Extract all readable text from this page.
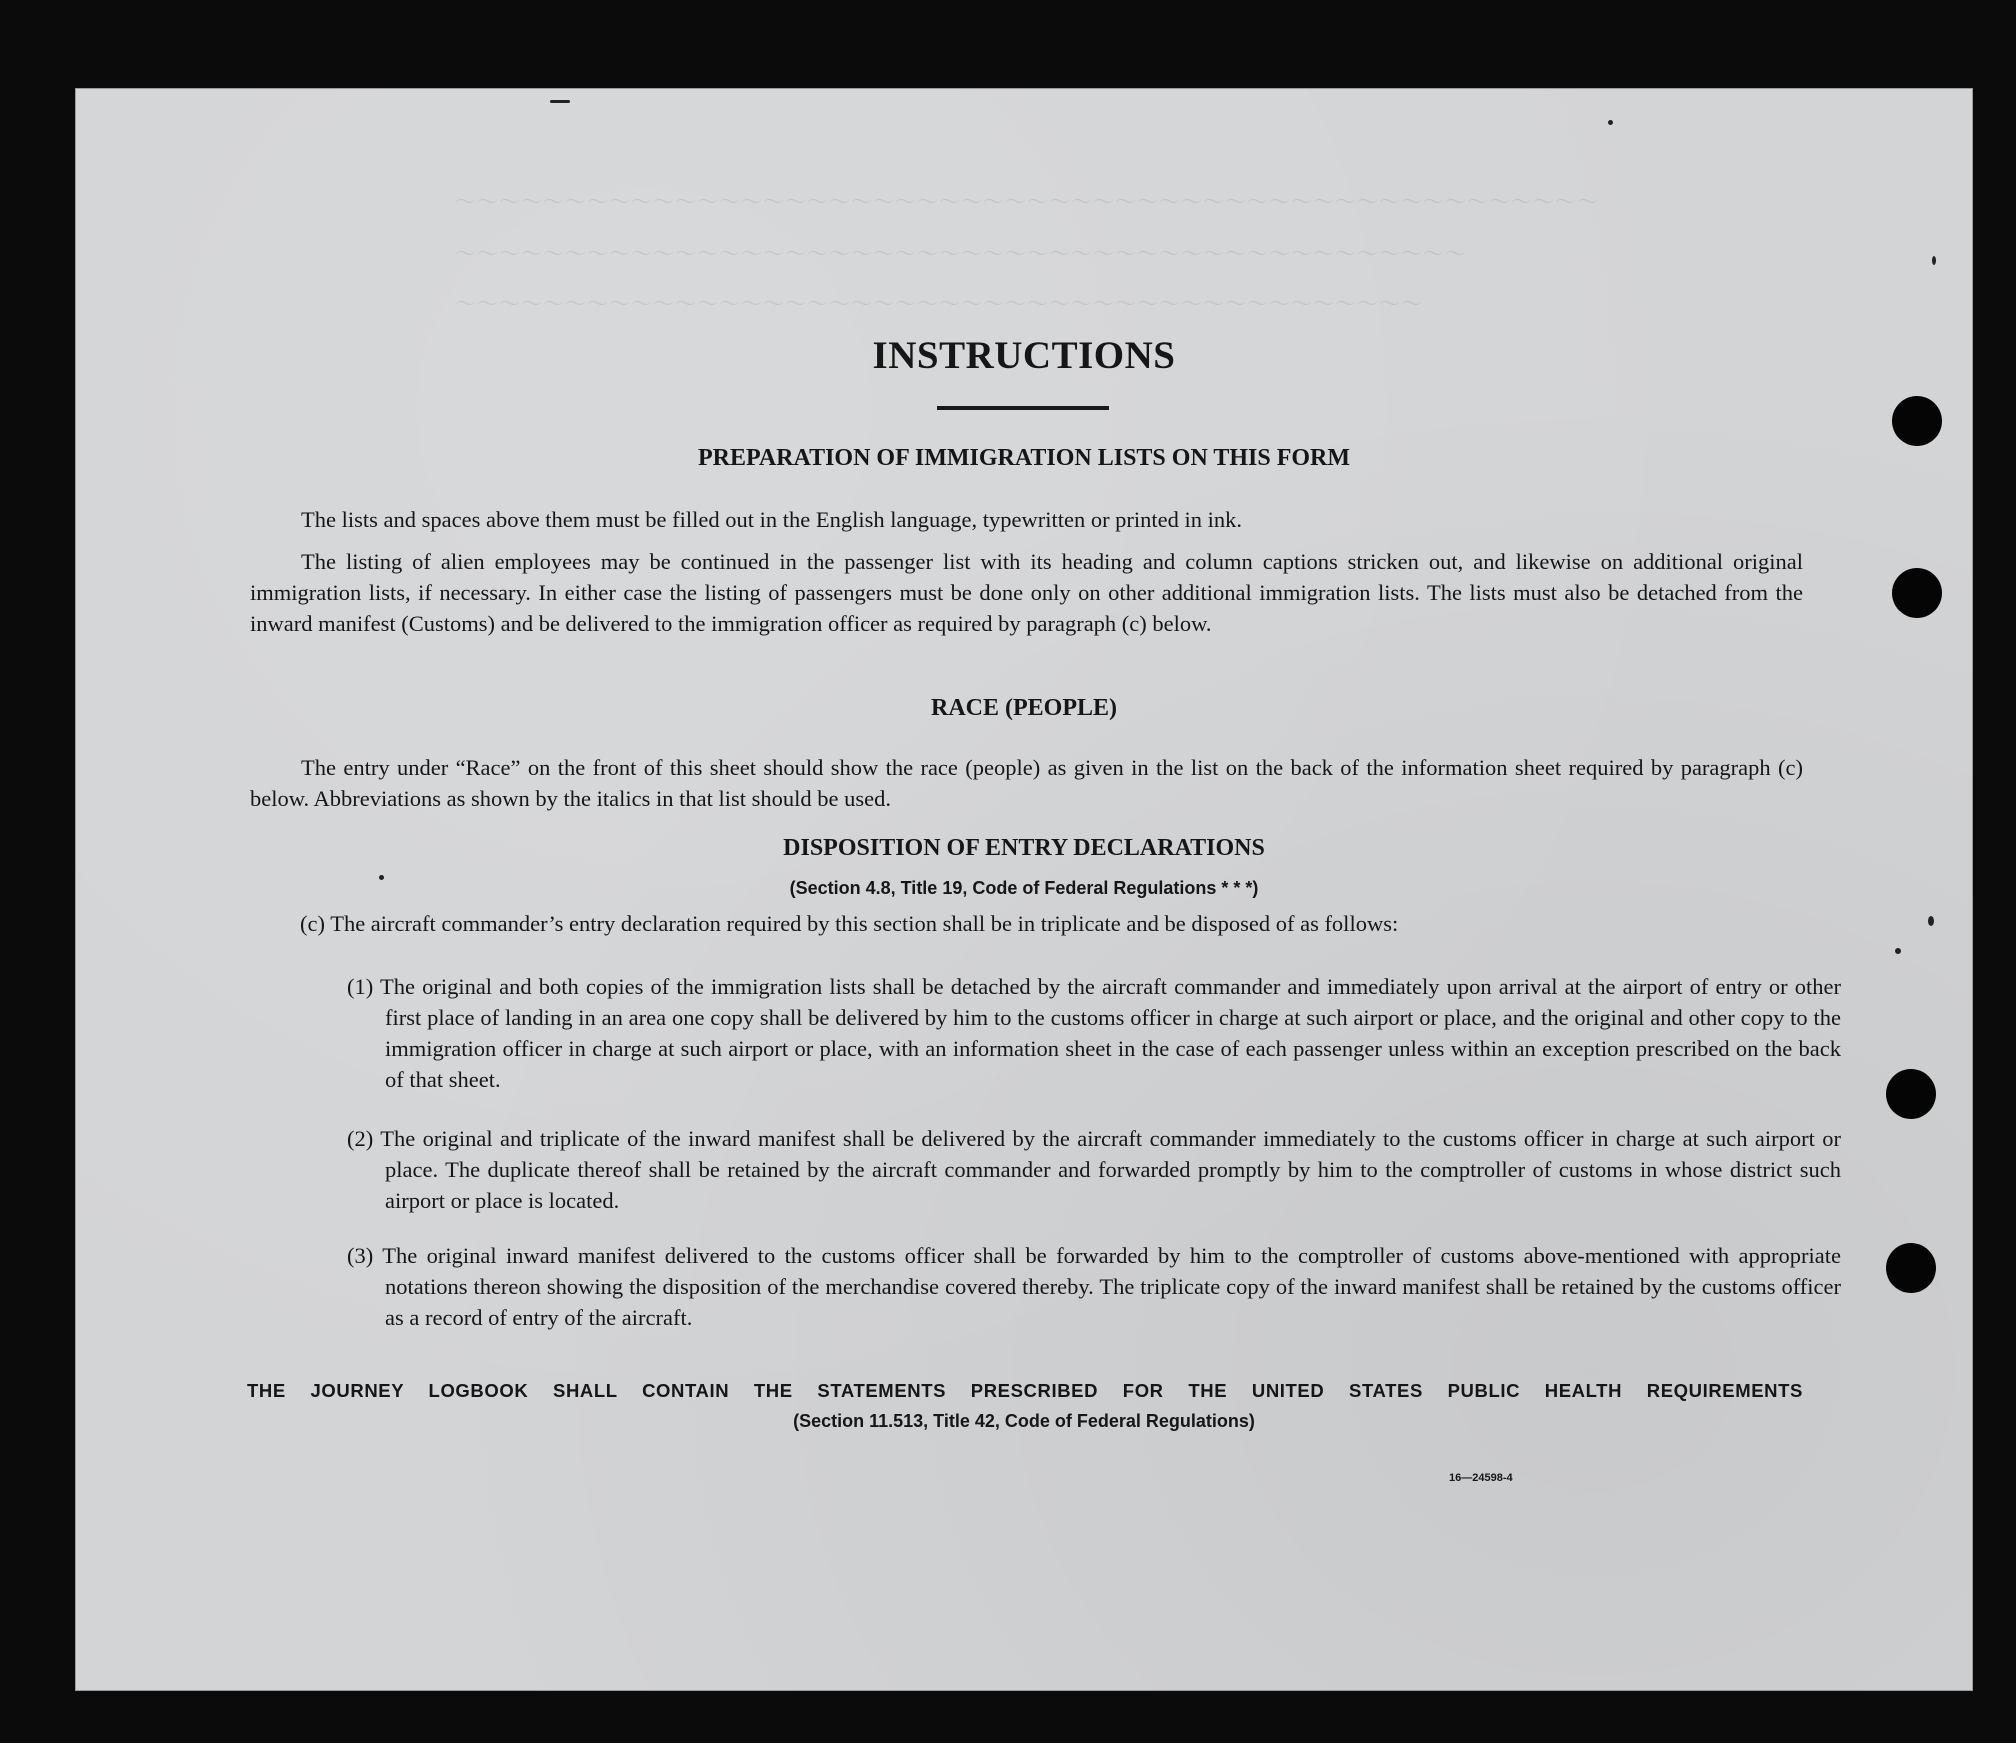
～～～～～～～～～～～～～～～～～～～～～～～～～～～～～～～～～～～～～～～～～～～～～～～～～～～～
～～～～～～～～～～～～～～～～～～～～～～～～～～～～～～～～～～～～～～～～～～～～～～
～～～～～～～～～～～～～～～～～～～～～～～～～～～～～～～～～～～～～～～～～～～～
INSTRUCTIONS
PREPARATION OF IMMIGRATION LISTS ON THIS FORM

The lists and spaces above them must be filled out in the English language, typewritten or printed in ink.

The listing of alien employees may be continued in the passenger list with its heading and column captions stricken out, and likewise on additional original immigration lists, if necessary. In either case the listing of passengers must be done only on other additional immigration lists. The lists must also be detached from the inward manifest (Customs) and be delivered to the immigration officer as required by paragraph (c) below.

RACE (PEOPLE)

The entry under “Race” on the front of this sheet should show the race (people) as given in the list on the back of the information sheet required by paragraph (c) below. Abbreviations as shown by the italics in that list should be used.

DISPOSITION OF ENTRY DECLARATIONS

(Section 4.8, Title 19, Code of Federal Regulations * * *)

(c) The aircraft commander’s entry declaration required by this section shall be in triplicate and be disposed of as follows:

(1) The original and both copies of the immigration lists shall be detached by the aircraft commander and immediately upon arrival at the airport of entry or other first place of landing in an area one copy shall be delivered by him to the customs officer in charge at such airport or place, and the original and other copy to the immigration officer in charge at such airport or place, with an information sheet in the case of each passenger unless within an exception prescribed on the back of that sheet.

(2) The original and triplicate of the inward manifest shall be delivered by the aircraft commander immediately to the customs officer in charge at such airport or place. The duplicate thereof shall be retained by the aircraft commander and forwarded promptly by him to the comptroller of customs in whose district such airport or place is located.

(3) The original inward manifest delivered to the customs officer shall be forwarded by him to the comptroller of customs above-mentioned with appropriate notations thereon showing the disposition of the merchandise covered thereby. The triplicate copy of the inward manifest shall be retained by the customs officer as a record of entry of the aircraft.

THE JOURNEY LOGBOOK SHALL CONTAIN THE STATEMENTS PRESCRIBED FOR THE UNITED STATES PUBLIC HEALTH REQUIREMENTS

(Section 11.513, Title 42, Code of Federal Regulations)

16—24598-4
